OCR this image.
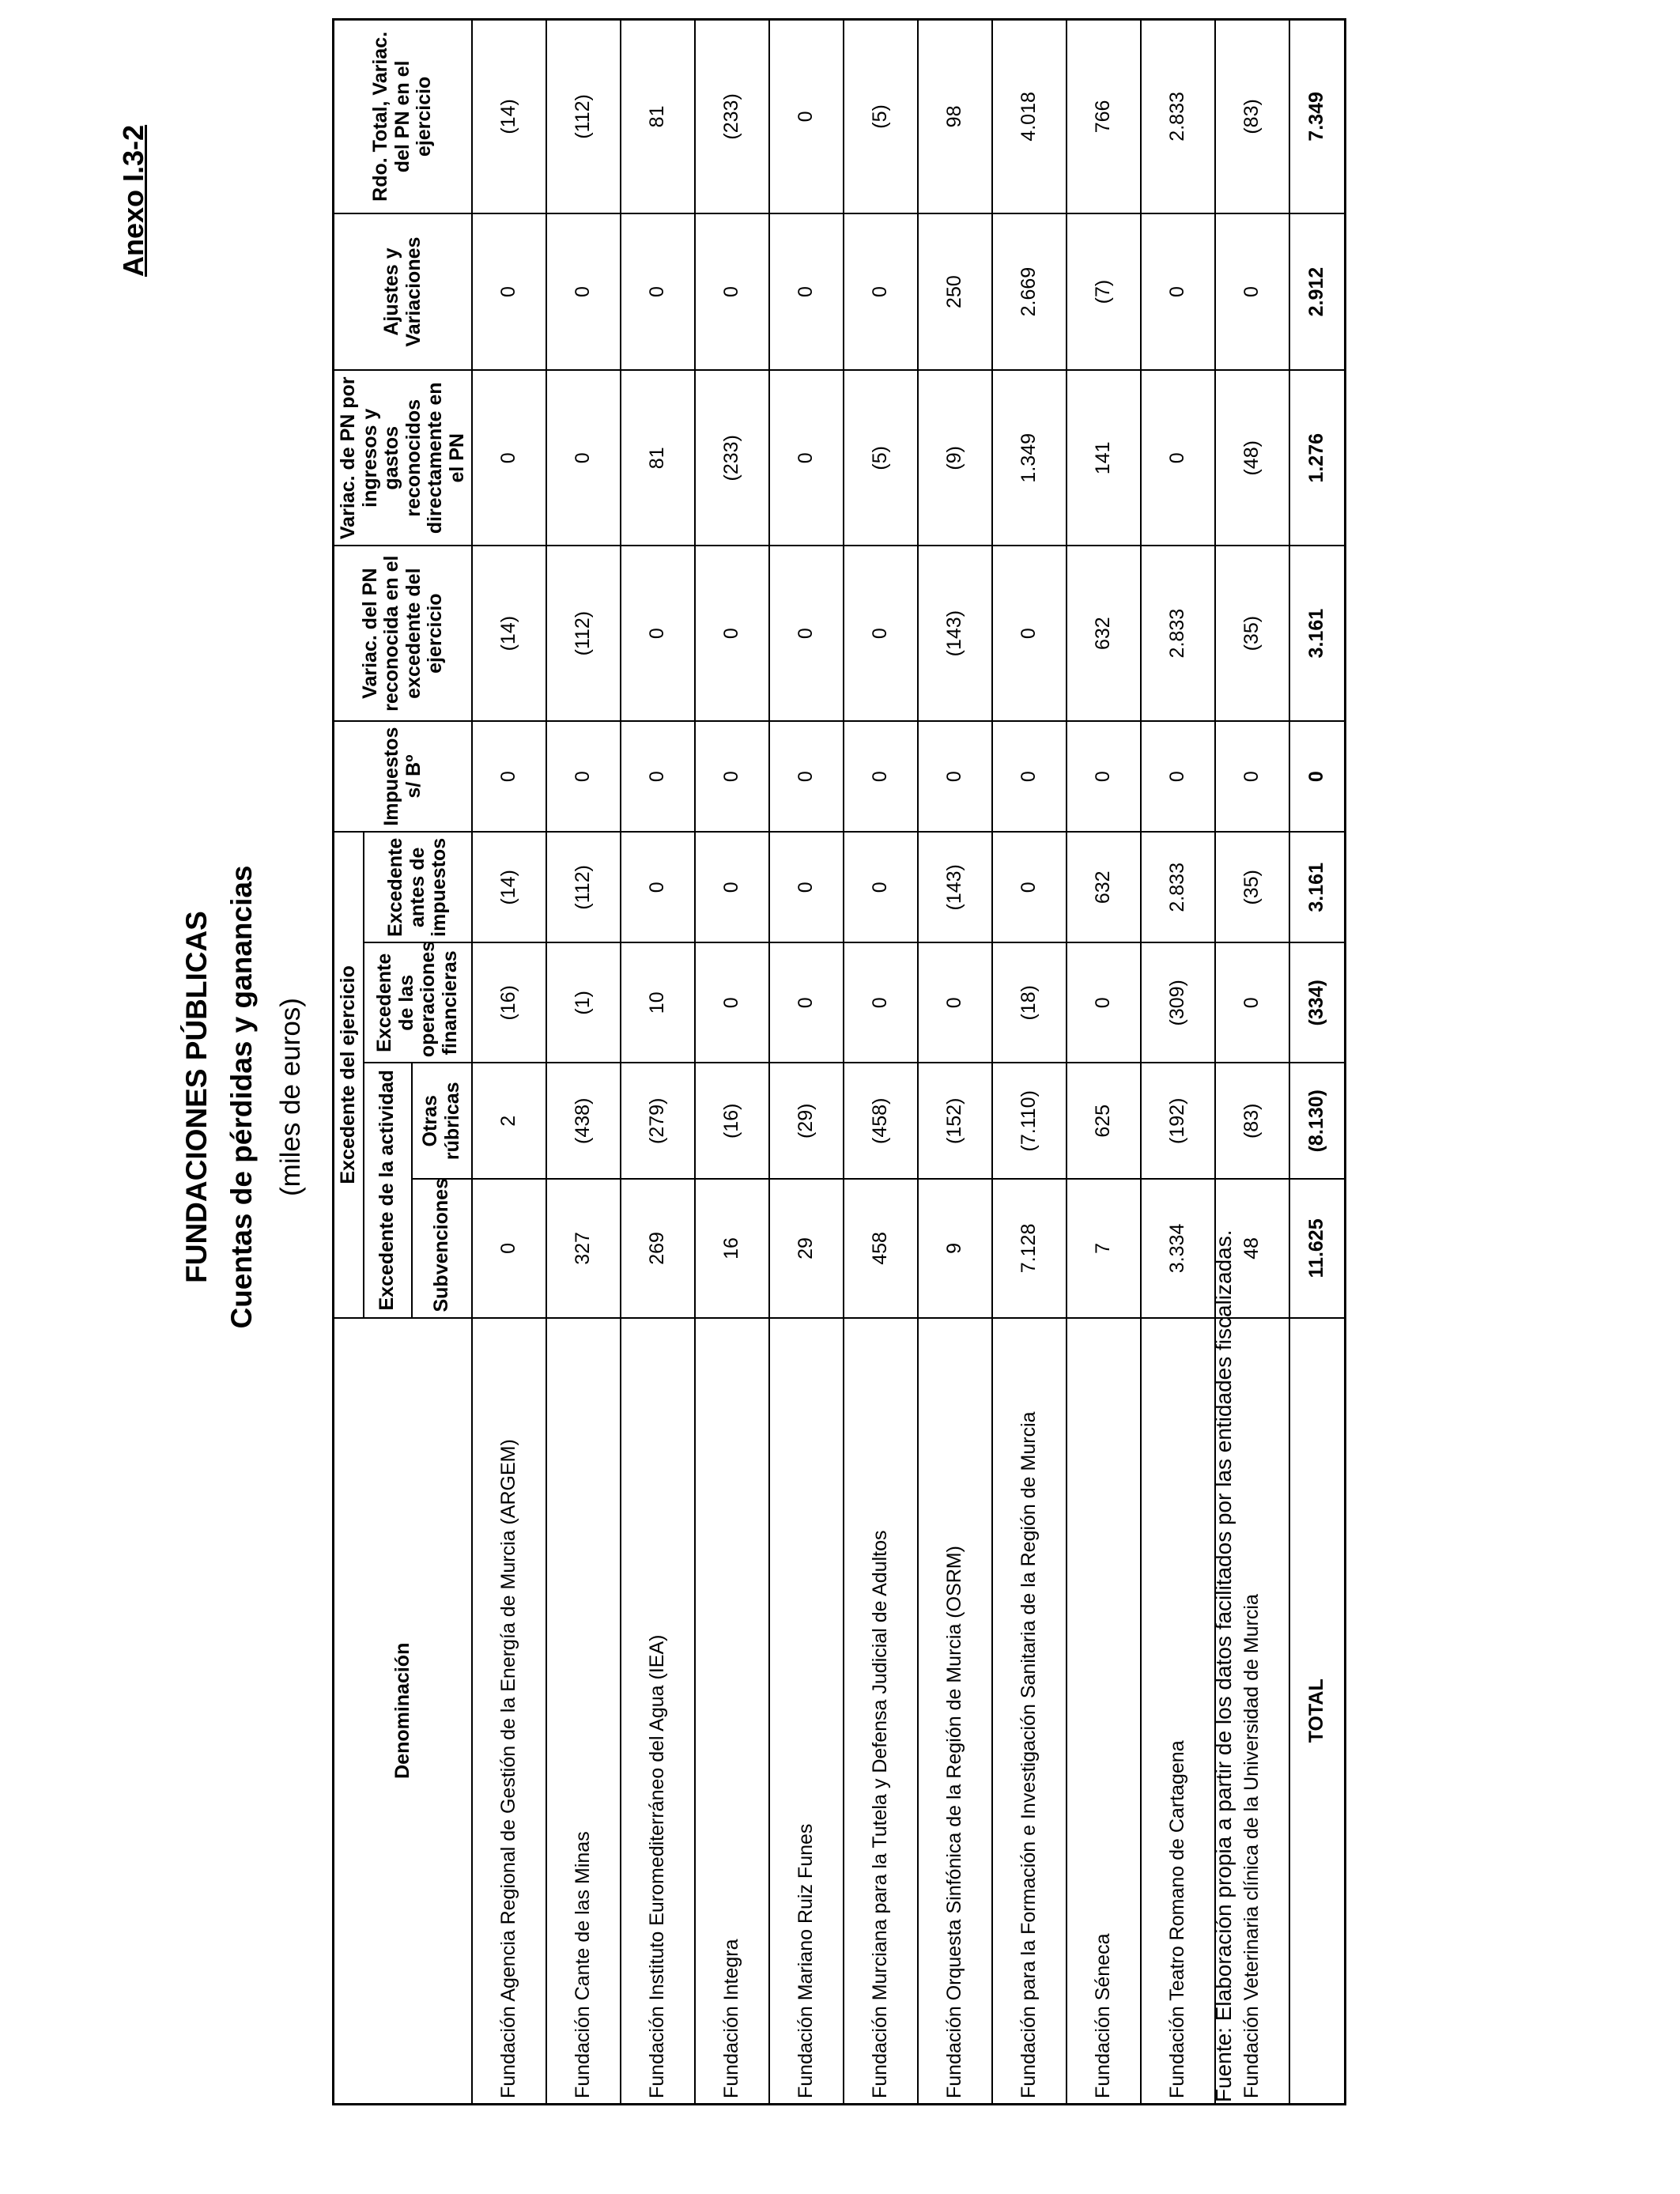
Anexo I.3-2
FUNDACIONES PÚBLICAS Cuentas de pérdidas y ganancias (miles de euros)
Denominación	Excedente del ejercicio				Impuestos s/ Bº	Variac. del PN reconocida en el excedente del ejercicio	Variac. de PN por ingresos y gastos reconocidos directamente en el PN	Ajustes y Variaciones	Rdo. Total, Variac. del PN en el ejercicio
	Excedente de la actividad		Excedente de las operaciones financieras	Excedente antes de impuestos					
	Subvenciones	Otras rúbricas							
Fundación Agencia Regional de Gestión de la Energía de Murcia (ARGEM)	0	2	(16)	(14)	0	(14)	0	0	(14)
Fundación Cante de las Minas	327	(438)	(1)	(112)	0	(112)	0	0	(112)
Fundación Instituto Euromediterráneo del Agua (IEA)	269	(279)	10	0	0	0	81	0	81
Fundación Integra	16	(16)	0	0	0	0	(233)	0	(233)
Fundación Mariano Ruiz Funes	29	(29)	0	0	0	0	0	0	0
Fundación Murciana para la Tutela y Defensa Judicial de Adultos	458	(458)	0	0	0	0	(5)	0	(5)
Fundación Orquesta Sinfónica de la Región de Murcia (OSRM)	9	(152)	0	(143)	0	(143)	(9)	250	98
Fundación para la Formación e Investigación Sanitaria de la Región de Murcia	7.128	(7.110)	(18)	0	0	0	1.349	2.669	4.018
Fundación Séneca	7	625	0	632	0	632	141	(7)	766
Fundación Teatro Romano de Cartagena	3.334	(192)	(309)	2.833	0	2.833	0	0	2.833
Fundación Veterinaria clínica de la Universidad de Murcia	48	(83)	0	(35)	0	(35)	(48)	0	(83)
TOTAL	11.625	(8.130)	(334)	3.161	0	3.161	1.276	2.912	7.349
Fuente: Elaboración propia a partir de los datos facilitados por las entidades fiscalizadas.
